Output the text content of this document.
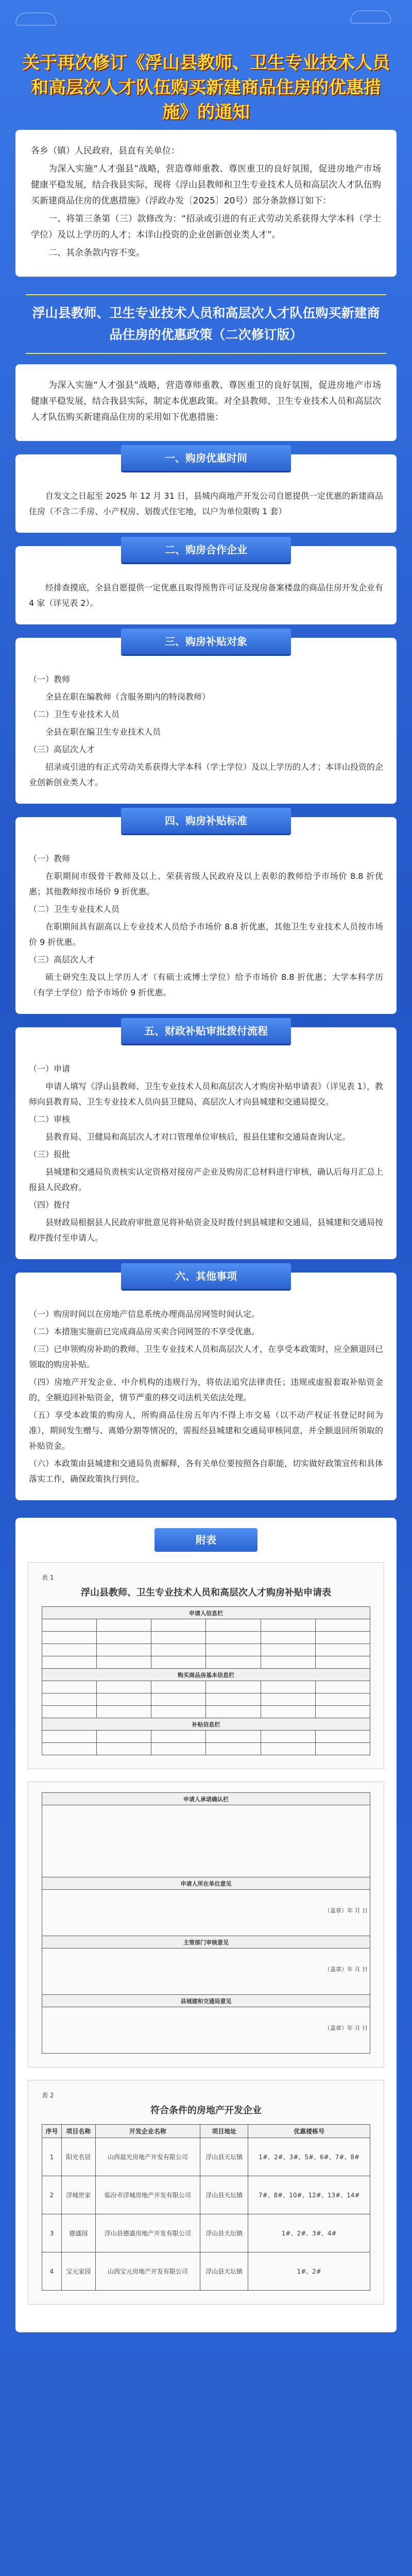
关于再次修订《浮山县教师、卫生专业技术人员和高层次人才队伍购买新建商品住房的优惠措施》的通知

各乡（镇）人民政府，县直有关单位：

为深入实施“人才强县”战略，营造尊师重教、尊医重卫的良好氛围，促进房地产市场健康平稳发展，结合我县实际，现将《浮山县教师和卫生专业技术人员和高层次人才队伍购买新建商品住房的优惠措施》（浮政办发〔2025〕20号）部分条款修订如下：

一、将第三条第（三）款修改为：“招录或引进的有正式劳动关系获得大学本科（学士学位）及以上学历的人才；本详山投资的企业创新创业类人才”。

二、其余条款内容不变。

浮山县教师、卫生专业技术人员和高层次人才队伍购买新建商品住房的优惠政策（二次修订版）

为深入实施“人才强县”战略，营造尊师重教、尊医重卫的良好氛围，促进房地产市场健康平稳发展，结合我县实际，制定本优惠政策。对全县教师、卫生专业技术人员和高层次人才队伍购买新建商品住房的采用如下优惠措施：

一、购房优惠时间

自发文之日起至 2025 年 12 月 31 日，县城内商地产开发公司自愿提供一定优惠的新建商品住房（不含二手房、小产权房、划拨式住宅地，以户为单位限购 1 套）

二、购房合作企业

经排查摸底，全县自愿提供一定优惠且取得预售许可证及现房备案楼盘的商品住房开发企业有 4 家（详见表 2）。

三、购房补贴对象

（一）教师

全县在职在编教师（含服务期内的特岗教师）

（二）卫生专业技术人员

全县在职在编卫生专业技术人员

（三）高层次人才

招录或引进的有正式劳动关系获得大学本科（学士学位）及以上学历的人才；本详山投资的企业创新创业类人才。

四、购房补贴标准

（一）教师

在职期间市级骨干教师及以上、荣获省级人民政府及以上表彰的教师给予市场价 8.8 折优惠；其他教师按市场价 9 折优惠。

（二）卫生专业技术人员

在职期间具有副高以上专业技术人员给予市场价 8.8 折优惠，其他卫生专业技术人员按市场价 9 折优惠。

（三）高层次人才

硕士研究生及以上学历人才（有硕士或博士学位）给予市场价 8.8 折优惠；大学本科学历（有学士学位）给予市场价 9 折优惠。

五、财政补贴审批拨付流程

（一）申请

申请人填写《浮山县教师、卫生专业技术人员和高层次人才购房补贴申请表》（详见表 1），教师向县教育局、卫生专业技术人员向县卫健局、高层次人才向县城建和交通局提交。

（二）审核

县教育局、卫健局和高层次人才对口管理单位审核后，报县住建和交通局查询认定。

（三）报批

县城建和交通局负责核实认定资格对接房产企业及购房汇总材料进行审核，确认后每月汇总上报县人民政府。

（四）拨付

县财政局根据县人民政府审批意见将补贴资金及时拨付到县城建和交通局，县城建和交通局按程序拨付至申请人。

六、其他事项

（一）购房时间以在房地产信息系统办理商品房网签时间认定。

（二）本措施实施前已完成商品房买卖合同网签的不享受优惠。

（三）已申领购房补助的教师、卫生专业技术人员和高层次人才，在享受本政策时，应全额退回已领取的购房补贴。

（四）房地产开发企业、中介机构的违规行为，将依法追究法律责任；违规或虚报套取补贴资金的，全额追回补贴资金，情节严重的移交司法机关依法处理。

（五）享受本政策的购房人，所购商品住房五年内不得上市交易（以不动产权证书登记时间为准），期间发生赠与、离婚分割等情况的，需报经县城建和交通局审核同意，并全额退回所领取的补贴资金。

（六）本政策由县城建和交通局负责解释，各有关单位要按照各自职能，切实做好政策宣传和具体落实工作，确保政策执行到位。

附表
表 1
浮山县教师、卫生专业技术人员和高层次人才购房补贴申请表
申请人信息栏					

购买商品房基本信息栏					

补贴信息栏					

申请人承诺确认栏

申请人所在单位意见

（盖章）年 月 日

主管部门审核意见

（盖章）年 月 日

县城建和交通局意见

（盖章）年 月 日
表 2
符合条件的房地产开发企业
序号	项目名称	开发企业名称	项目地址	优惠楼栋号
1	阳光名居	山西晨光房地产开发有限公司	浮山县天坛镇	1#、2#、3#、5#、6#、7#、8#
2	浮城世家	临汾市浮城房地产开发有限公司	浮山县天坛镇	7#、8#、10#、12#、13#、14#
3	德盛园	浮山县德盛房地产开发有限公司	浮山县天坛镇	1#、2#、3#、4#
4	宝元家园	山西宝元房地产开发有限公司	浮山县天坛镇	1#、2#
